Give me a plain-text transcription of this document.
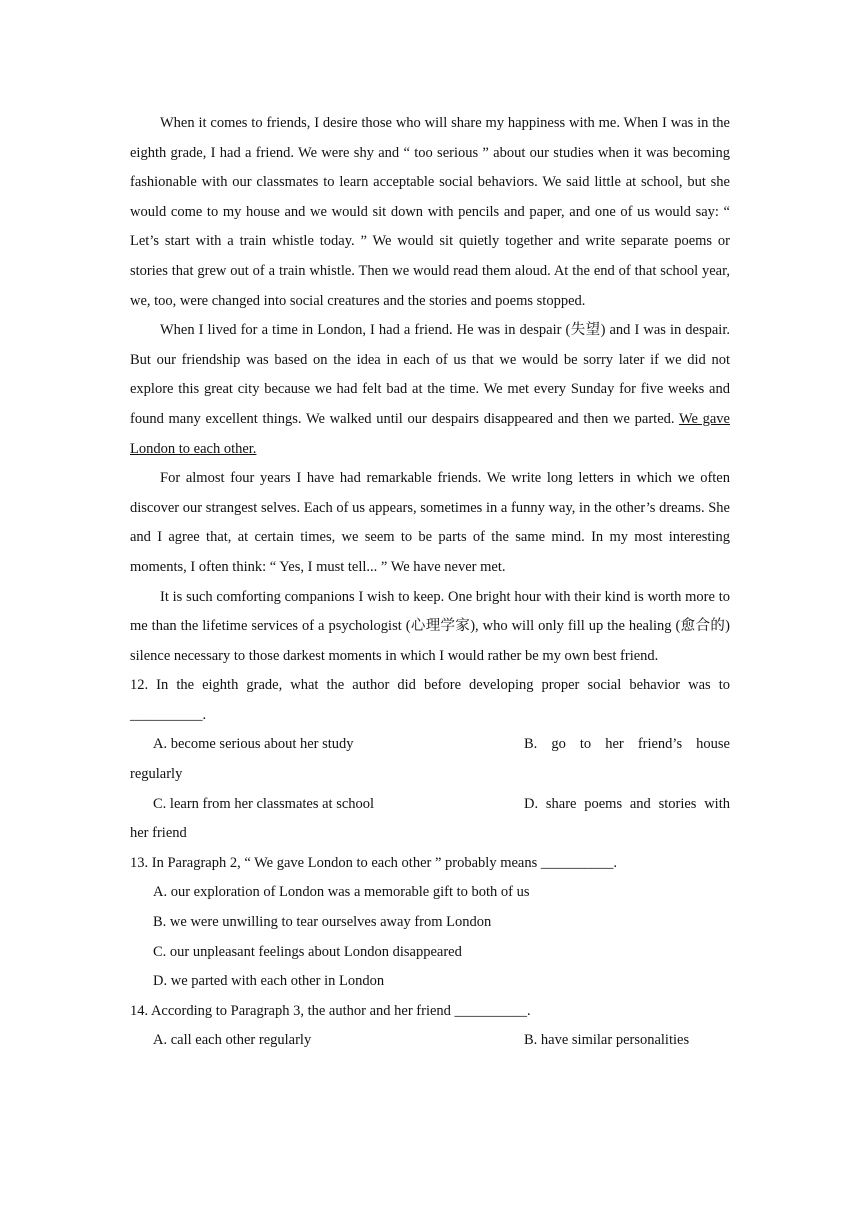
When it comes to friends, I desire those who will share my happiness with me. When I was in the eighth grade, I had a friend. We were shy and “ too serious ” about our studies when it was becoming fashionable with our classmates to learn acceptable social behaviors. We said little at school, but she would come to my house and we would sit down with pencils and paper, and one of us would say: “ Let’s start with a train whistle today. ” We would sit quietly together and write separate poems or stories that grew out of a train whistle. Then we would read them aloud. At the end of that school year, we, too, were changed into social creatures and the stories and poems stopped.

When I lived for a time in London, I had a friend. He was in despair (失望) and I was in despair. But our friendship was based on the idea in each of us that we would be sorry later if we did not explore this great city because we had felt bad at the time. We met every Sunday for five weeks and found many excellent things. We walked until our despairs disappeared and then we parted. We gave London to each other.

For almost four years I have had remarkable friends. We write long letters in which we often discover our strangest selves. Each of us appears, sometimes in a funny way, in the other’s dreams. She and I agree that, at certain times, we seem to be parts of the same mind. In my most interesting moments, I often think: “ Yes, I must tell... ” We have never met.

It is such comforting companions I wish to keep. One bright hour with their kind is worth more to me than the lifetime services of a psychologist (心理学家), who will only fill up the healing (愈合的) silence necessary to those darkest moments in which I would rather be my own best friend.

12. In the eighth grade, what the author did before developing proper social behavior was to __________.

A. become serious about her study	B. go to her friend’s house

regularly

C. learn from her classmates at school	D. share poems and stories with

her friend

13. In Paragraph 2, “ We gave London to each other ” probably means __________.

A. our exploration of London was a memorable gift to both of us

B. we were unwilling to tear ourselves away from London

C. our unpleasant feelings about London disappeared

D. we parted with each other in London

14. According to Paragraph 3, the author and her friend __________.

A. call each other regularly	B. have similar personalities
